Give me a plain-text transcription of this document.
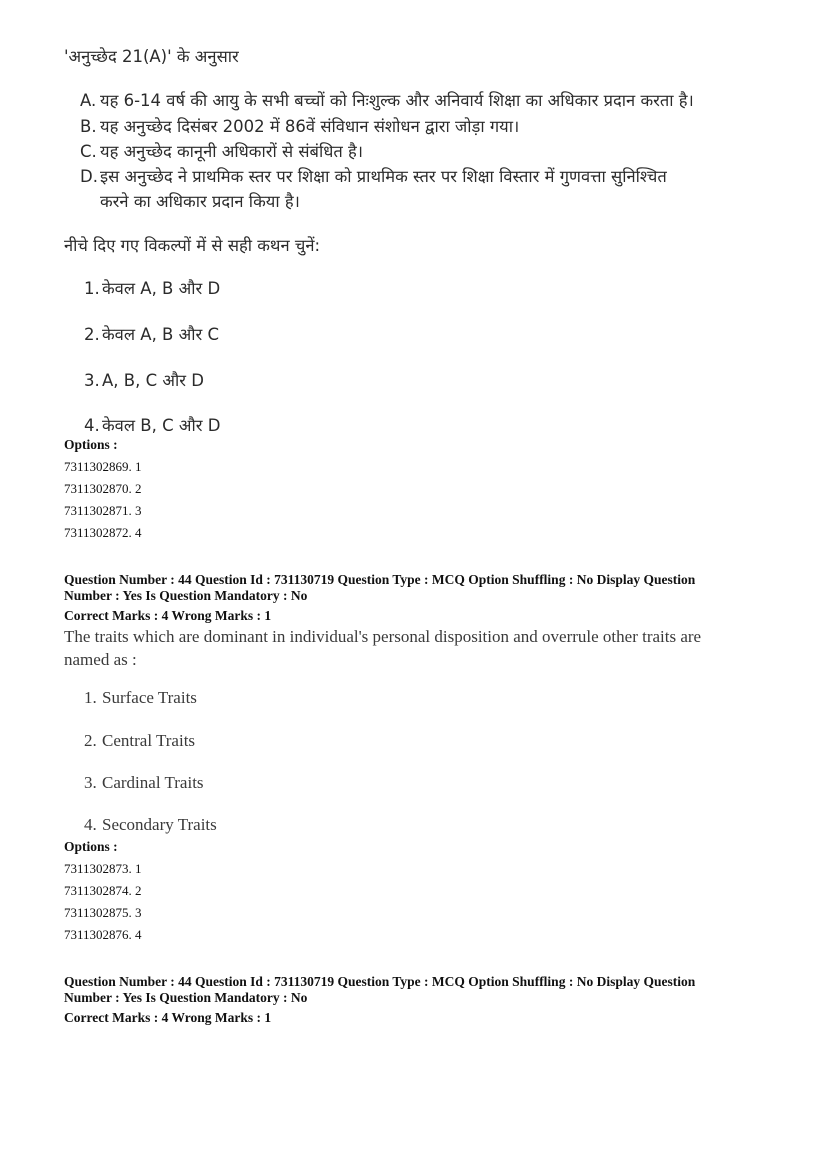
'अनुच्छेद 21(A)' के अनुसार
A. यह 6-14 वर्ष की आयु के सभी बच्चों को निःशुल्क और अनिवार्य शिक्षा का अधिकार प्रदान करता है।
B. यह अनुच्छेद दिसंबर 2002 में 86वें संविधान संशोधन द्वारा जोड़ा गया।
C. यह अनुच्छेद कानूनी अधिकारों से संबंधित है।
D. इस अनुच्छेद ने प्राथमिक स्तर पर शिक्षा को प्राथमिक स्तर पर शिक्षा विस्तार में गुणवत्ता सुनिश्चित
करने का अधिकार प्रदान किया है।
नीचे दिए गए विकल्पों में से सही कथन चुनें:
1. केवल A, B और D
2. केवल A, B और C
3. A, B, C और D
4. केवल B, C और D
Options :
7311302869. 1
7311302870. 2
7311302871. 3
7311302872. 4
Question Number : 44 Question Id : 731130719 Question Type : MCQ Option Shuffling : No Display Question
Number : Yes Is Question Mandatory : No
Correct Marks : 4 Wrong Marks : 1
The traits which are dominant in individual's personal disposition and overrule other traits are
named as :
1. Surface Traits
2. Central Traits
3. Cardinal Traits
4. Secondary Traits
Options :
7311302873. 1
7311302874. 2
7311302875. 3
7311302876. 4
Question Number : 44 Question Id : 731130719 Question Type : MCQ Option Shuffling : No Display Question
Number : Yes Is Question Mandatory : No
Correct Marks : 4 Wrong Marks : 1
